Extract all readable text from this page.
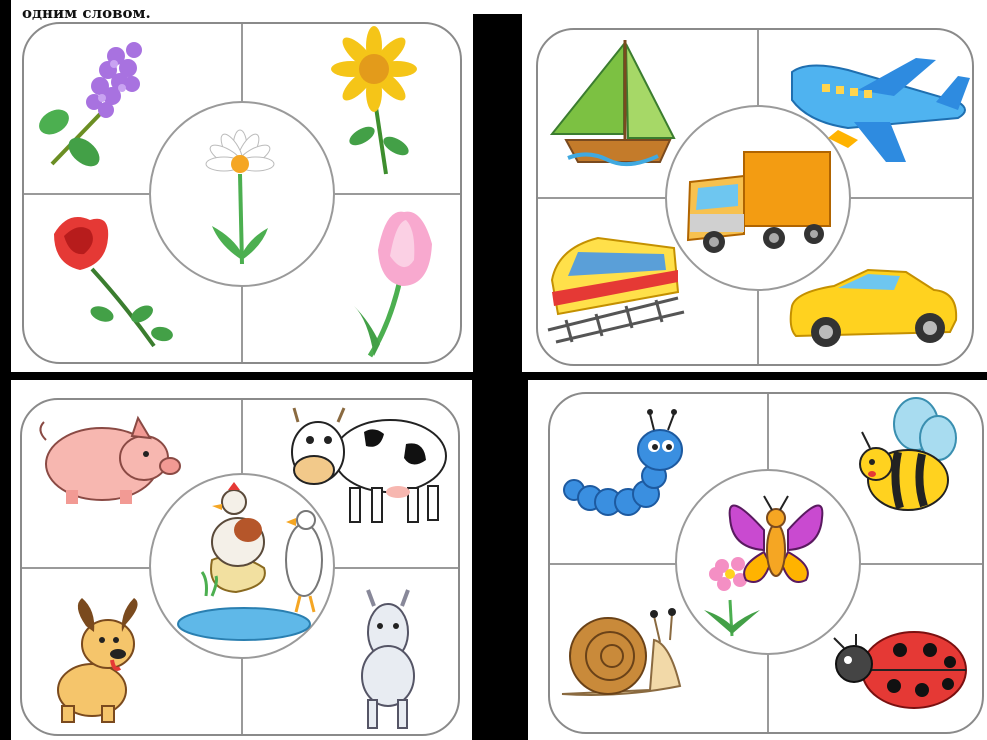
одним словом.
